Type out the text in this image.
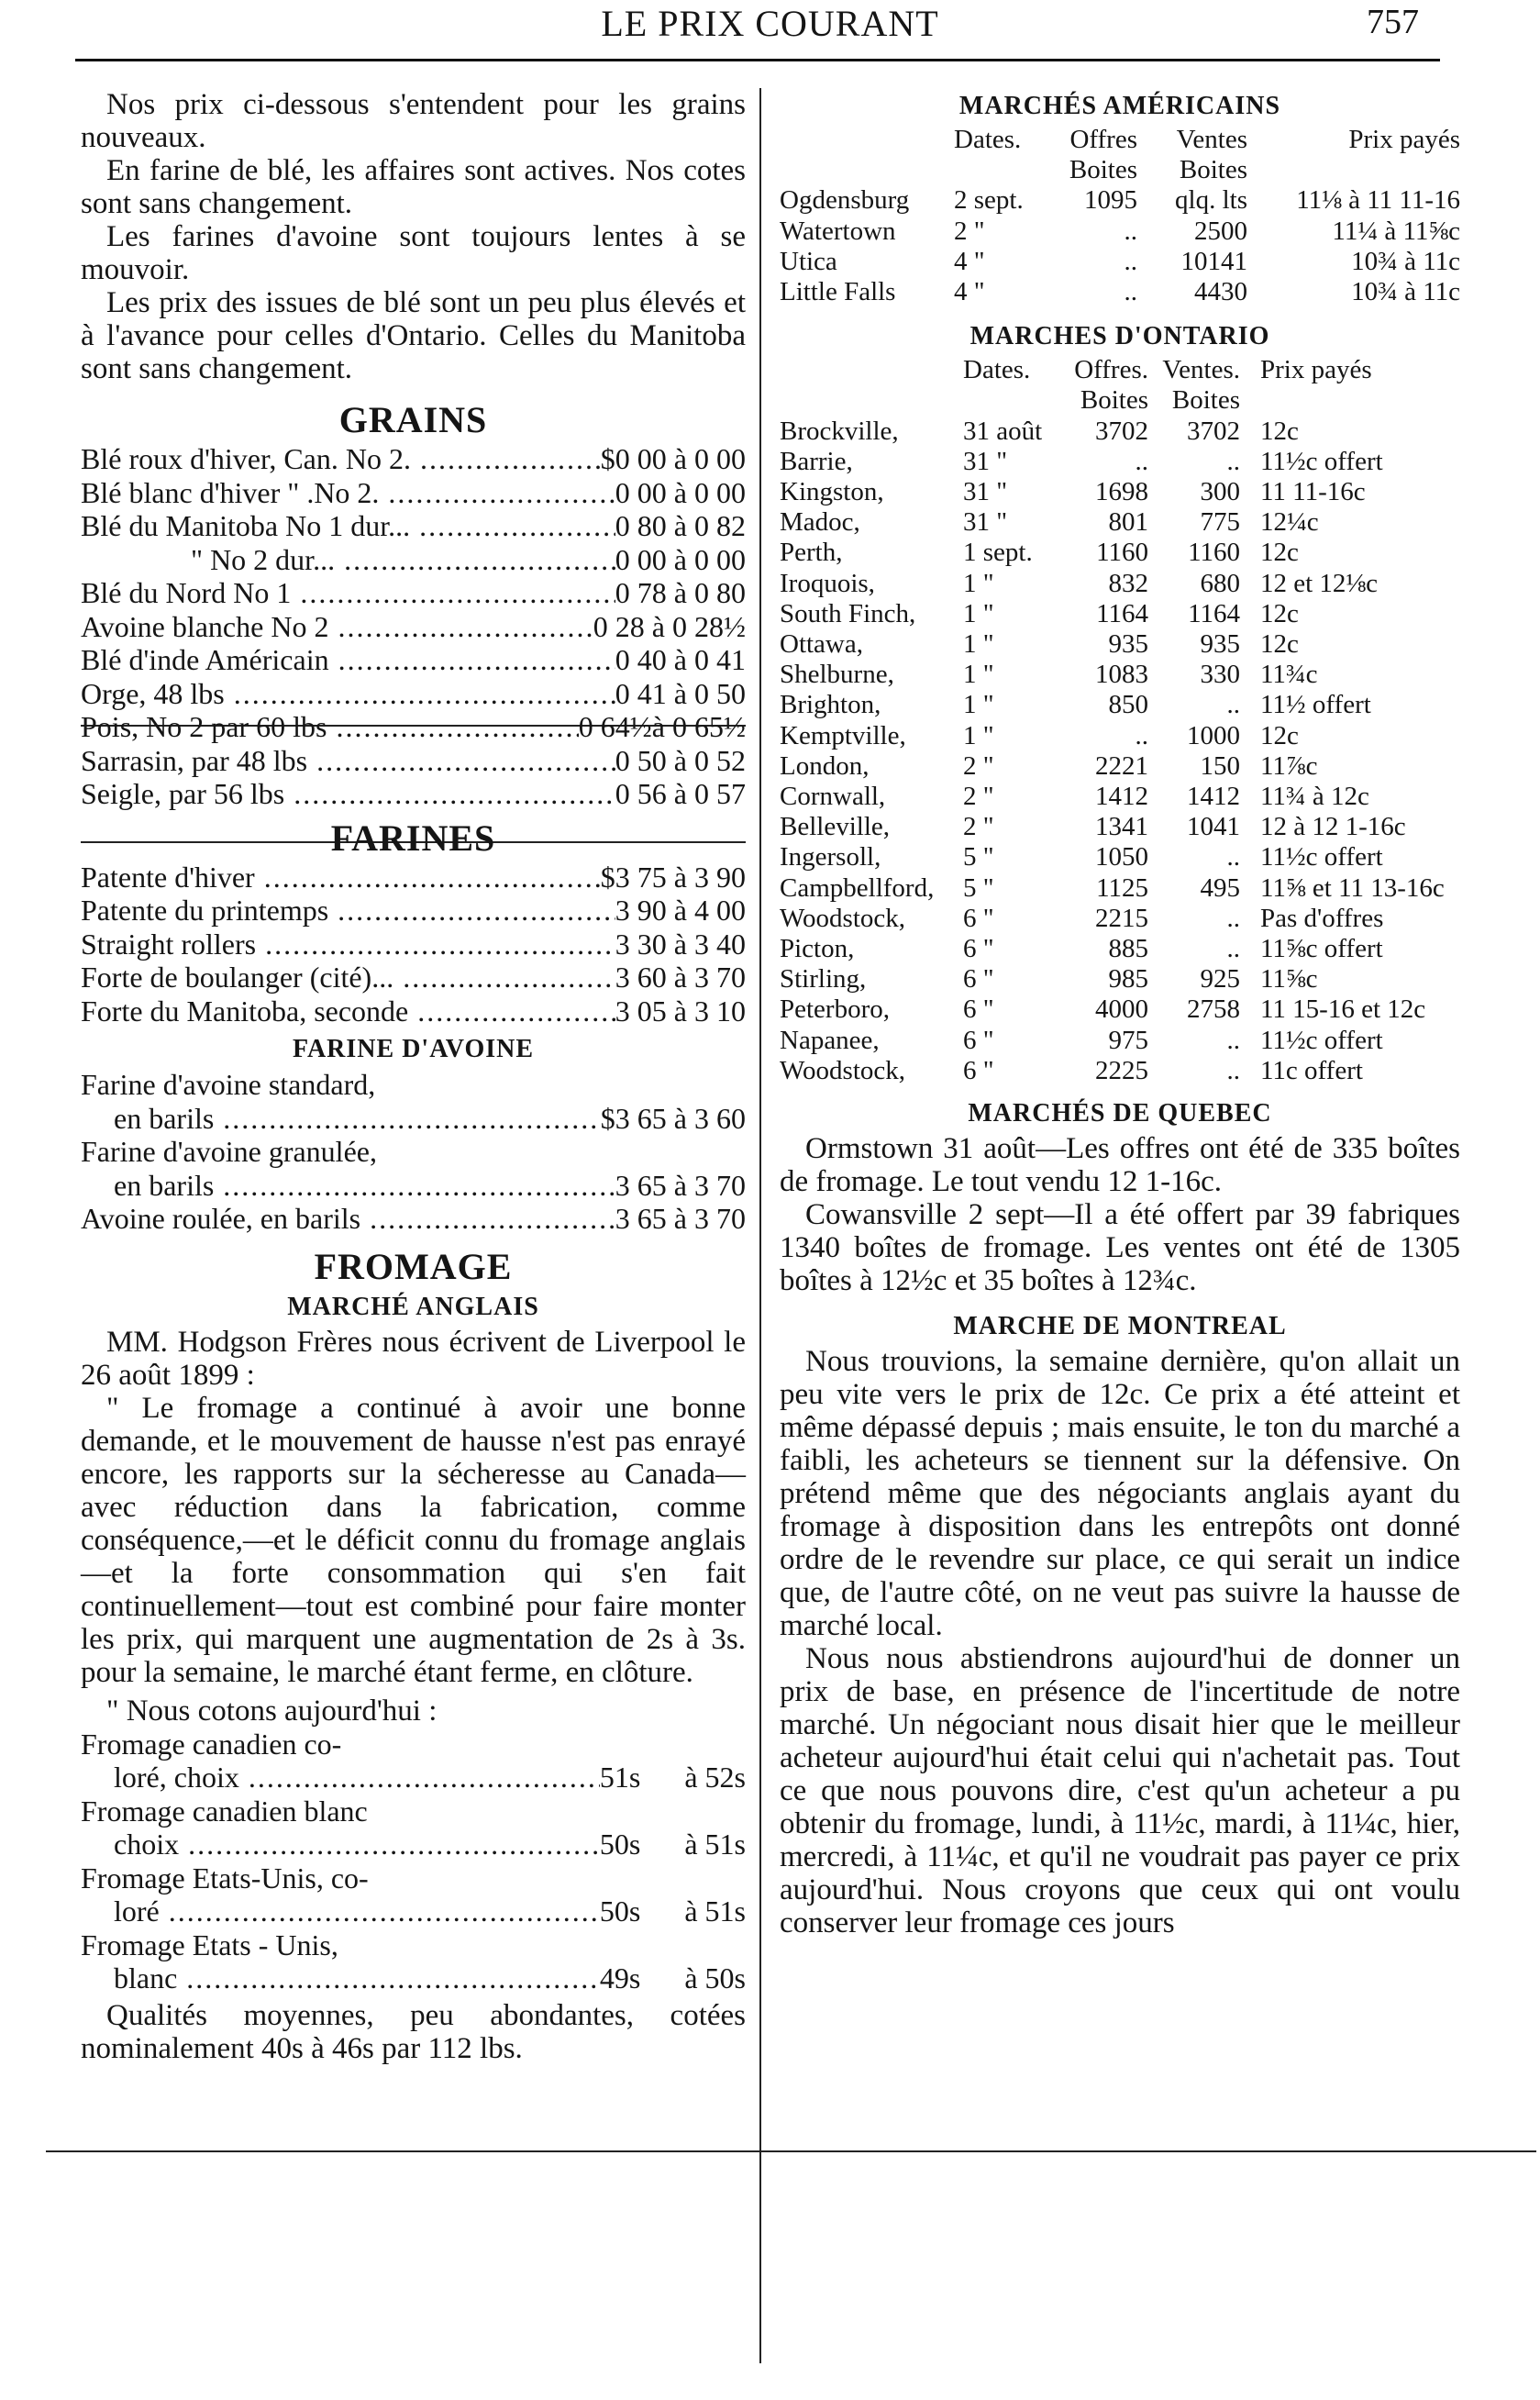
LE PRIX COURANT	757

Nos prix ci-dessous s'entendent pour les grains nouveaux.

En farine de blé, les affaires sont actives. Nos cotes sont sans changement.

Les farines d'avoine sont toujours lentes à se mouvoir.

Les prix des issues de blé sont un peu plus élevés et à l'avance pour celles d'Ontario. Celles du Manitoba sont sans changement.

GRAINS
Blé roux d'hiver, Can. No 2. .....	$0 00 à 0 00
Blé blanc d'hiver " .No 2. .....	0 00 à 0 00
Blé du Manitoba No 1 dur... .....	0 80 à 0 82
" No 2 dur... .....	0 00 à 0 00
Blé du Nord No 1 .....	0 78 à 0 80
Avoine blanche No 2 .....	0 28 à 0 28½
Blé d'inde Américain .....	0 40 à 0 41
Orge, 48 lbs .....	0 41 à 0 50
Pois, No 2 par 60 lbs .....	0 64½à 0 65½
Sarrasin, par 48 lbs .....	0 50 à 0 52
Seigle, par 56 lbs .....	0 56 à 0 57
FARINES
Patente d'hiver .....	$3 75 à 3 90
Patente du printemps .....	3 90 à 4 00
Straight rollers .....	3 30 à 3 40
Forte de boulanger (cité)... .....	3 60 à 3 70
Forte du Manitoba, seconde .....	3 05 à 3 10
FARINE D'AVOINE
Farine d'avoine standard,
en barils .....	$3 65 à 3 60
Farine d'avoine granulée,
en barils .....	3 65 à 3 70
Avoine roulée, en barils .....	3 65 à 3 70
FROMAGE
MARCHÉ ANGLAIS

MM. Hodgson Frères nous écrivent de Liverpool le 26 août 1899 :

" Le fromage a continué à avoir une bonne demande, et le mouvement de hausse n'est pas enrayé encore, les rapports sur la sécheresse au Canada—avec réduction dans la fabrication, comme conséquence,—et le déficit connu du fromage anglais—et la forte consommation qui s'en fait continuellement—tout est combiné pour faire monter les prix, qui marquent une augmentation de 2s à 3s. pour la semaine, le marché étant ferme, en clôture.

" Nous cotons aujourd'hui :

Fromage canadien co-
loré, choix .....	51s      à 52s
Fromage canadien blanc
choix .....	50s      à 51s
Fromage Etats-Unis, co-
loré .....	50s      à 51s
Fromage Etats - Unis,
blanc .....	49s      à 50s

Qualités moyennes, peu abondantes, cotées nominalement 40s à 46s par 112 lbs.

MARCHÉS AMÉRICAINS
	Dates.	Offres	Ventes	Prix payés
		Boites	Boites	
Ogdensburg	2 sept.	1095	qlq. lts	11⅛ à 11 11-16
Watertown	2 "	..	2500	11¼ à 11⅝c
Utica	4 "	..	10141	10¾ à 11c
Little Falls	4 "	..	4430	10¾ à 11c
MARCHES D'ONTARIO
	Dates.	Offres.	Ventes.	Prix payés
		Boites	Boites	
Brockville,	31 août	3702	3702	12c
Barrie,	31 "	..	..	11½c offert
Kingston,	31 "	1698	300	11 11-16c
Madoc,	31 "	801	775	12¼c
Perth,	1 sept.	1160	1160	12c
Iroquois,	1 "	832	680	12 et 12⅛c
South Finch,	1 "	1164	1164	12c
Ottawa,	1 "	935	935	12c
Shelburne,	1 "	1083	330	11¾c
Brighton,	1 "	850	..	11½ offert
Kemptville,	1 "	..	1000	12c
London,	2 "	2221	150	11⅞c
Cornwall,	2 "	1412	1412	11¾ à 12c
Belleville,	2 "	1341	1041	12 à 12 1-16c
Ingersoll,	5 "	1050	..	11½c offert
Campbellford,	5 "	1125	495	11⅝ et 11 13-16c
Woodstock,	6 "	2215	..	Pas d'offres
Picton,	6 "	885	..	11⅝c offert
Stirling,	6 "	985	925	11⅝c
Peterboro,	6 "	4000	2758	11 15-16 et 12c
Napanee,	6 "	975	..	11½c offert
Woodstock,	6 "	2225	..	11c offert
MARCHÉS DE QUEBEC

Ormstown 31 août—Les offres ont été de 335 boîtes de fromage. Le tout vendu 12 1-16c.

Cowansville 2 sept—Il a été offert par 39 fabriques 1340 boîtes de fromage. Les ventes ont été de 1305 boîtes à 12½c et 35 boîtes à 12¾c.

MARCHE DE MONTREAL

Nous trouvions, la semaine dernière, qu'on allait un peu vite vers le prix de 12c. Ce prix a été atteint et même dépassé depuis ; mais ensuite, le ton du marché a faibli, les acheteurs se tiennent sur la défensive. On prétend même que des négociants anglais ayant du fromage à disposition dans les entrepôts ont donné ordre de le revendre sur place, ce qui serait un indice que, de l'autre côté, on ne veut pas suivre la hausse de marché local.

Nous nous abstiendrons aujourd'hui de donner un prix de base, en présence de l'incertitude de notre marché. Un négociant nous disait hier que le meilleur acheteur aujourd'hui était celui qui n'achetait pas. Tout ce que nous pouvons dire, c'est qu'un acheteur a pu obtenir du fromage, lundi, à 11½c, mardi, à 11¼c, hier, mercredi, à 11¼c, et qu'il ne voudrait pas payer ce prix aujourd'hui. Nous croyons que ceux qui ont voulu conserver leur fromage ces jours
